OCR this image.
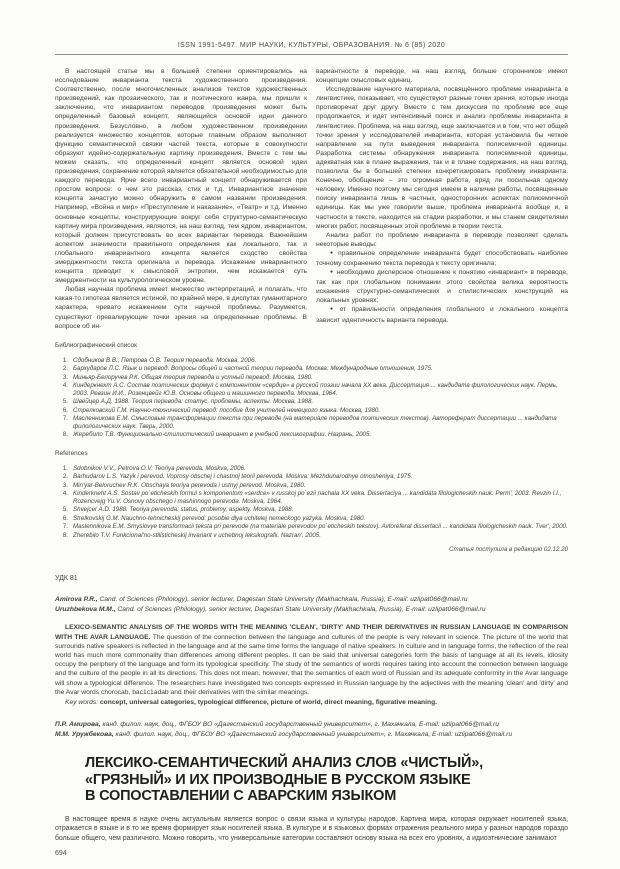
ISSN 1991-5497. МИР НАУКИ, КУЛЬТУРЫ, ОБРАЗОВАНИЯ. № 6 (85) 2020

В настоящей статье мы в большей степени ориентировались на исследование инварианта текста художественного произведения. Соответственно, после многочисленных анализов текстов художественных произведений, как прозаического, так и поэтического жанра, мы пришли к заключению, что инвариантом переводов произведения может быть определенный базовый концепт, являющийся основой идеи данного произведения. Безусловно, в любом художественном произведении реализуется множество концептов, которые главным образом выполняют функцию семантической связки частей текста, которые в совокупности образуют идейно-содержательную картину произведения. Вместе с тем мы можем сказать, что определенный концепт является основой идеи произведения, сохранение которой является обязательной необходимостью для каждого перевода. Ярче всего инвариантный концепт обнаруживается при простом вопросе: о чем это рассказ, стих и т.д. Инвариантное значение концепта зачастую можно обнаружить в самом названии произведения. Например, «Война и мир» «Преступление и наказание», «Театр» и т.д. Именно основные концепты, конструирующие вокруг себя структурно-семантическую картину мира произведения, являются, на наш взгляд, тем ядром, инвариантом, который должен присутствовать во всех вариантах перевода. Важнейшим аспектом значимости правильного определения как локального, так и глобального инвариантного концепта является сходство свойства эмерджентности текста оригинала и перевода. Искажение инвариантного концепта приводит к смысловой энтропии, чем искажается суть эмерджентности на культурологическом уровне.

Любая научная проблема имеет множество интерпретаций, и полагать, что какая-то гипотеза является истиной, по крайней мере, в диспутах гуманитарного характера, чревато искажением сути научной проблемы. Разумеется, существуют превалирующие точки зрения на определенные проблемы. В вопросе об ин-

вариантности в переводе, на наш взгляд, больше сторонников имеют концепции смысловых единиц.

Исследование научного материала, посвящённого проблеме инварианта в лингвистике, показывает, что существуют разные точки зрения, которые иногда противоречат друг другу. Вместе с тем дискуссия по проблеме все еще продолжается, и идет интенсивный поиск и анализ проблемы инварианта в лингвистике. Проблема, на наш взгляд, еще заключается и в том, что нет общей точки зрения у исследователей инварианта, которая установила бы четкое направление на пути выведения инварианта полисемичной единицы. Разработка системы обнаружения инварианта полисемичной единицы, адекватная как в плане выражения, так и в плане содержания, на наш взгляд, позволила бы в большей степени конкретизировать проблему инварианта. Конечно, обобщение – это огромная работа, вряд ли посильная одному человеку. Именно поэтому мы сегодня имеем в наличии работы, посвященные поиску инварианта лишь в частных, односторонних аспектах полисемичной единицы. Как мы уже говорили выше, проблема инварианта вообще и, в частности в тексте, находится на стадии разработки, и мы станем свидетелями многих работ, посвященных этой проблеме в теории текста.

Анализ работ по проблеме инварианта в переводе позволяет сделать некоторые выводы:

● правильное определение инварианта будет способствовать наиболее точному сохранению текста перевода к тексту оригинала;

● необходимо дисперсное отношение к понятию «инвариант» в переводе, так как при глобальном понимании этого свойства велика вероятность искажения структурно-семантических и стилистических конструкций на локальных уровнях;

● от правильности определения глобального и локального концепта зависит идентичность варианта перевода.

Библиографический список
1. Сдобников В.В., Петрова О.В. Теория перевода. Москва, 2006.
2. Бархударов Л.С. Язык и перевод. Вопросы общей и частной теории перевода. Москва: Международные отношения, 1975.
3. Миньяр-Белоручев Р.К. Общая теория перевода и устный перевод. Москва, 1980.
4. Киндеркнехт А.С. Состав поэтических формул с компонентом «сердце» в русской поэзии начала XX века. Диссертация ... кандидата филологических наук. Пермь, 2003. Ревзин И.И., Розенцвейг Ю.В. Основы общего и машинного перевода. Москва, 1964.
5. Швейцер А.Д. 1988. Теория перевода: статус, проблемы, аспекты. Москва, 1988.
6. Стрелковский Г.М. Научно-технический перевод: пособие для учителей немецкого языка. Москва, 1980.
7. Масленникова Е.М. Смысловые трансформации текста при переводе (на материале переводов поэтических текстов). Автореферат диссертации ... кандидата филологических наук. Тверь, 2000.
8. Жеребило Т.В. Функционально-стилистический инвариант в учебной лексикографии. Назрань, 2005.
References
1. Sdobnikov V.V., Petrova O.V. Teoriya perevoda. Moskva, 2006.
2. Barhudarov L.S. Yazyk i perevod. Voprosy obschej i chastnoj teorii perevoda. Moskva: Mezhdunarodnye otnosheniya, 1975.
3. Min'yar-Beloruchev R.K. Obschaya teoriya perevoda i ustnyj perevod. Moskva, 1980.
4. Kinderkneht A.S. Sostav po`eticheskih formul s komponentom «serdce» v russkoj po`ezii nachala XX veka. Dissertaciya ... kandidata filologicheskih nauk. Perm', 2003. Revzin I.I., Rozencvejg Yu.V. Osnovy obschego i mashinnogo perevoda. Moskva, 1964.
5. Shvejcer A.D. 1988. Teoriya perevoda: status, problemy, aspekty. Moskva, 1988.
6. Strelkovskij G.M. Nauchno-tehnicheskij perevod: posobie dlya uchitelej nemeckogo yazyka. Moskva, 1980.
7. Maslennikova E.M. Smyslovye transformacii teksta pri perevode (na materiale perevodov po`eticheskih tekstov). Avtoreferat dissertacii ... kandidata filologicheskih nauk. Tver', 2000.
8. Zherebilo T.V. Funkcional'no-stilisticheskij invariant v uchebnoj leksikografii. Nazran', 2005.
Статья поступила в редакцию 02.12.20
УДК 81

Amirova P.R., Cand. of Sciences (Philology), senior lecturer, Dagestan State University (Makhachkala, Russia), E-mail: uzlipat066@mail.ru

Uruzhbekova M.M., Cand. of Sciences (Philology), senior lecturer, Dagestan State University (Makhachkala, Russia), E-mail: uzlipat066@mail.ru

LEXICO-SEMANTIC ANALYSIS OF THE WORDS WITH THE MEANING 'CLEAN', 'DIRTY' AND THEIR DERIVATIVES IN RUSSIAN LANGUAGE IN COMPARISON WITH THE AVAR LANGUAGE. The question of the connection between the language and cultures of the people is very relevant in science. The picture of the world that surrounds native speakers is reflected in the language and at the same time forms the language of native speakers. In culture and in language forms, the reflection of the real world has much more commonality than differences among different peoples. It can be said that universal categories form the basis of language at all its levels, idiosity occupy the periphery of the language and form its typological specificity. The study of the semantics of words requires taking into account the connection between language and the culture of the people in all its directions. This does not mean, however, that the semantics of each word of Russian and its adequate conformity in the Avar language will show a typological difference. The researchers have investigated two concepts expressed in Russian language by the adjectives with the meaning 'clean' and 'dirty' and the Avar words chorocab, bac1c1adab and their derivatives with the similar meanings.

Key words: concept, universal categories, typological difference, picture of world, direct meaning, figurative meaning.

П.Р. Амирова, канд. филол. наук, доц., ФГБОУ ВО «Дагестанский государственный университет», г. Махачкала, E-mail: uzlipat066@mail.ru

М.М. Уружбекова, канд. филол. наук, доц., ФГБОУ ВО «Дагестанский государственный университет», г. Махачкала, E-mail: uzlipat066@mail.ru

ЛЕКСИКО-СЕМАНТИЧЕСКИЙ АНАЛИЗ СЛОВ «ЧИСТЫЙ»,
«ГРЯЗНЫЙ» И ИХ ПРОИЗВОДНЫЕ В РУССКОМ ЯЗЫКЕ
В СОПОСТАВЛЕНИИ С АВАРСКИМ ЯЗЫКОМ

В настоящее время в науке очень актуальным является вопрос о связи языка и культуры народов. Картина мира, которая окружает носителей языка, отражается в языке и в то же время формирует язык носителей языка. В культуре и в языковых формах отражения реального мира у разных народов гораздо больше общего, чем различного. Можно говорить, что универсальные категории составляют основу языка на всех его уровнях, а идиоэтнические занимают

694
